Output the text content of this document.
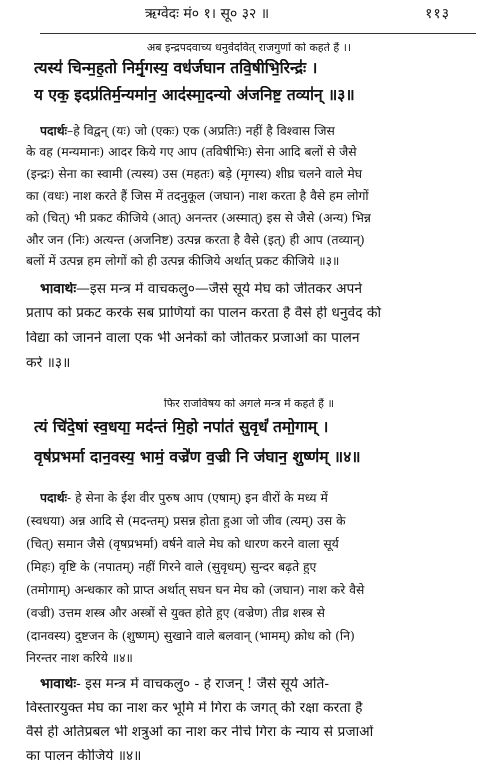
ऋग्वेदः मं० १। सू० ३२ ॥	११३
अब इन्द्रपदवाच्य धनुर्वेदवित् राजगुणों को कहते हैं ।।
त्यस्य॑ चिन्म॒ह॒तो निर्मृ॒गस्य॒ वध॑र्जघान तवि॒षीभि॒रिन्द्रः॑ ।
य एक॒ इदप्र॑तिर्म॒न्यमा॑न॒ आद॑स्मा॒दन्यो अ॑जनिष्ट॒ तव्या॑न् ॥३॥
पदार्थः–हे विद्वन् (यः) जो (एकः) एक (अप्रतिः) नहीं है विश्वास जिस
के वह (मन्यमानः) आदर किये गए आप (तविषीभिः) सेना आदि बलों से जैसे
(इन्द्रः) सेना का स्वामी (त्यस्य) उस (महतः) बड़े (मृगस्य) शीघ्र चलने वाले मेघ
का (वधः) नाश करते हैं जिस में तदनुकूल (जघान) नाश करता है वैसे हम लोगों
को (चित्) भी प्रकट कीजिये (आत्) अनन्तर (अस्मात्) इस से जैसे (अन्य) भिन्न
और जन (निः) अत्यन्त (अजनिष्ट) उत्पन्न करता है वैसे (इत्) ही आप (तव्यान्)
बलों में उत्पन्न हम लोगों को ही उत्पन्न कीजिये अर्थात् प्रकट कीजिये ॥३॥
भावार्थः—इस मन्त्र में वाचकलु०—जैसे सूर्य मेघ को जीतकर अपने
प्रताप को प्रकट करके सब प्राणियों का पालन करता है वैसे ही धनुर्वेद की
विद्या को जानने वाला एक भी अनेकों को जीतकर प्रजाओं का पालन
करे ॥३॥
फिर राजविषय को अगले मन्त्र में कहते हैं ॥
त्यं चि॑दे॒षां स्व॒धया॒ मद॑न्तं मि॒हो नपा॑तं सु॒वृधं॑ तमो॒गाम् ।
वृष॑प्रभर्मा दान॒वस्य॒ भामं॒ वज्रे॑ण व॒ज्री नि ज॑घान॒ शुष्ण॑म् ॥४॥
पदार्थः- हे सेना के ईश वीर पुरुष आप (एषाम्) इन वीरों के मध्य में
(स्वधया) अन्न आदि से (मदन्तम्) प्रसन्न होता हुआ जो जीव (त्यम्) उस के
(चित्) समान जैसे (वृषप्रभर्मा) वर्षने वाले मेघ को धारण करने वाला सूर्य
(मिहः) वृष्टि के (नपातम्) नहीं गिरने वाले (सुवृधम्) सुन्दर बढ़ते हुए
(तमोगाम्) अन्धकार को प्राप्त अर्थात् सघन घन मेघ को (जघान) नाश करे वैसे
(वज्री) उत्तम शस्त्र और अस्त्रों से युक्त होते हुए (वज्रेण) तीव्र शस्त्र से
(दानवस्य) दुष्टजन के (शुष्णम्) सुखाने वाले बलवान् (भामम्) क्रोध को (नि)
निरन्तर नाश करिये ॥४॥
भावार्थः- इस मन्त्र में वाचकलु० - हे राजन् ! जैसे सूर्य अति-
विस्तारयुक्त मेघ का नाश कर भूमि में गिरा के जगत् की रक्षा करता है
वैसे ही अतिप्रबल भी शत्रुओं का नाश कर नीचे गिरा के न्याय से प्रजाओं
का पालन कीजिये ॥४॥
